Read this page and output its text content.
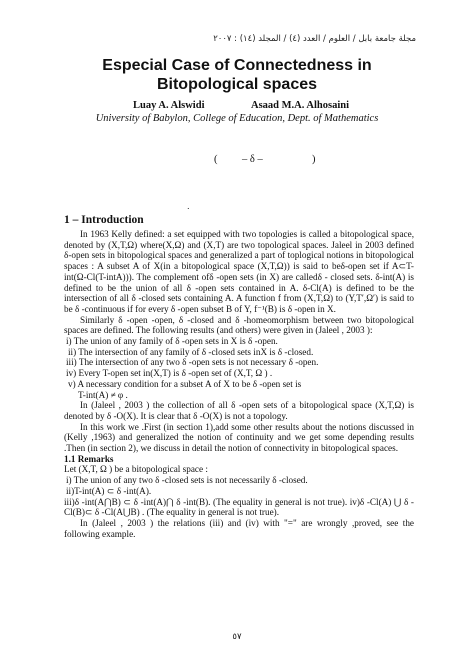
مجلة جامعة بابل / العلوم / العدد (٤) / المجلد (١٤) : ٢٠٠٧
Especial Case of Connectedness in
Bitopological spaces
Luay A. Alswidi	Asaad M.A. Alhosaini
University of Babylon, College of Education, Dept. of Mathematics
( – δ –	)
.
1 – Introduction

In 1963 Kelly defined: a set equipped with two topologies is called a bitopological space, denoted by (X,T,Ω) where(X,Ω) and (X,T) are two topological spaces. Jaleel in 2003 defined δ-open sets in bitopological spaces and generalized a part of toplogical notions in bitopological spaces : A subset A of X(in a bitopological space (X,T,Ω)) is said to beδ-open set if A⊂T-int(Ω-Cl(T-intA))). The complement ofδ -open sets (in X) are calledδ - closed sets. δ-int(A) is defined to be the union of all δ -open sets contained in A. δ-Cl(A) is defined to be the intersection of all δ -closed sets containing A. A function f from (X,T,Ω) to (Y,T′,Ω′) is said to be δ -continuous if for every δ -open subset B of Y, f⁻¹(B) is δ -open in X.

Similarly δ -open -open, δ -closed and δ -homeomorphism between two bitopological spaces are defined. The following results (and others) were given in (Jaleel , 2003 ):

i) The union of any family of δ -open sets in X is δ -open.

ii) The intersection of any family of δ -closed sets inX is δ -closed.

iii) The intersection of any two δ -open sets is not necessary δ -open.

iv) Every T-open set in(X,T) is δ -open set of (X,T, Ω ) .

v) A necessary condition for a subset A of X to be δ -open set is

T-int(A) ≠ φ .

In (Jaleel , 2003 ) the collection of all δ -open sets of a bitopological space (X,T,Ω) is denoted by δ -O(X). It is clear that δ -O(X) is not a topology.

In this work we .First (in section 1),add some other results about the notions discussed in (Kelly ,1963) and generalized the notion of continuity and we get some depending results .Then (in section 2), we discuss in detail the notion of connectivity in bitopological spaces.

1.1 Remarks

Let (X,T, Ω ) be a bitopological space :

i) The union of any two δ -closed sets is not necessarily δ -closed.

ii)T-int(A) ⊂ δ -int(A).

iii)δ -int(A⋂B) ⊂ δ -int(A)⋂ δ -int(B). (The equality in general is not true). iv)δ -Cl(A) ⋃ δ - Cl(B)⊂ δ -Cl(A⋃B) . (The equality in general is not true).

In (Jaleel , 2003 ) the relations (iii) and (iv) with "=" are wrongly ,proved, see the following example.

٥٧
